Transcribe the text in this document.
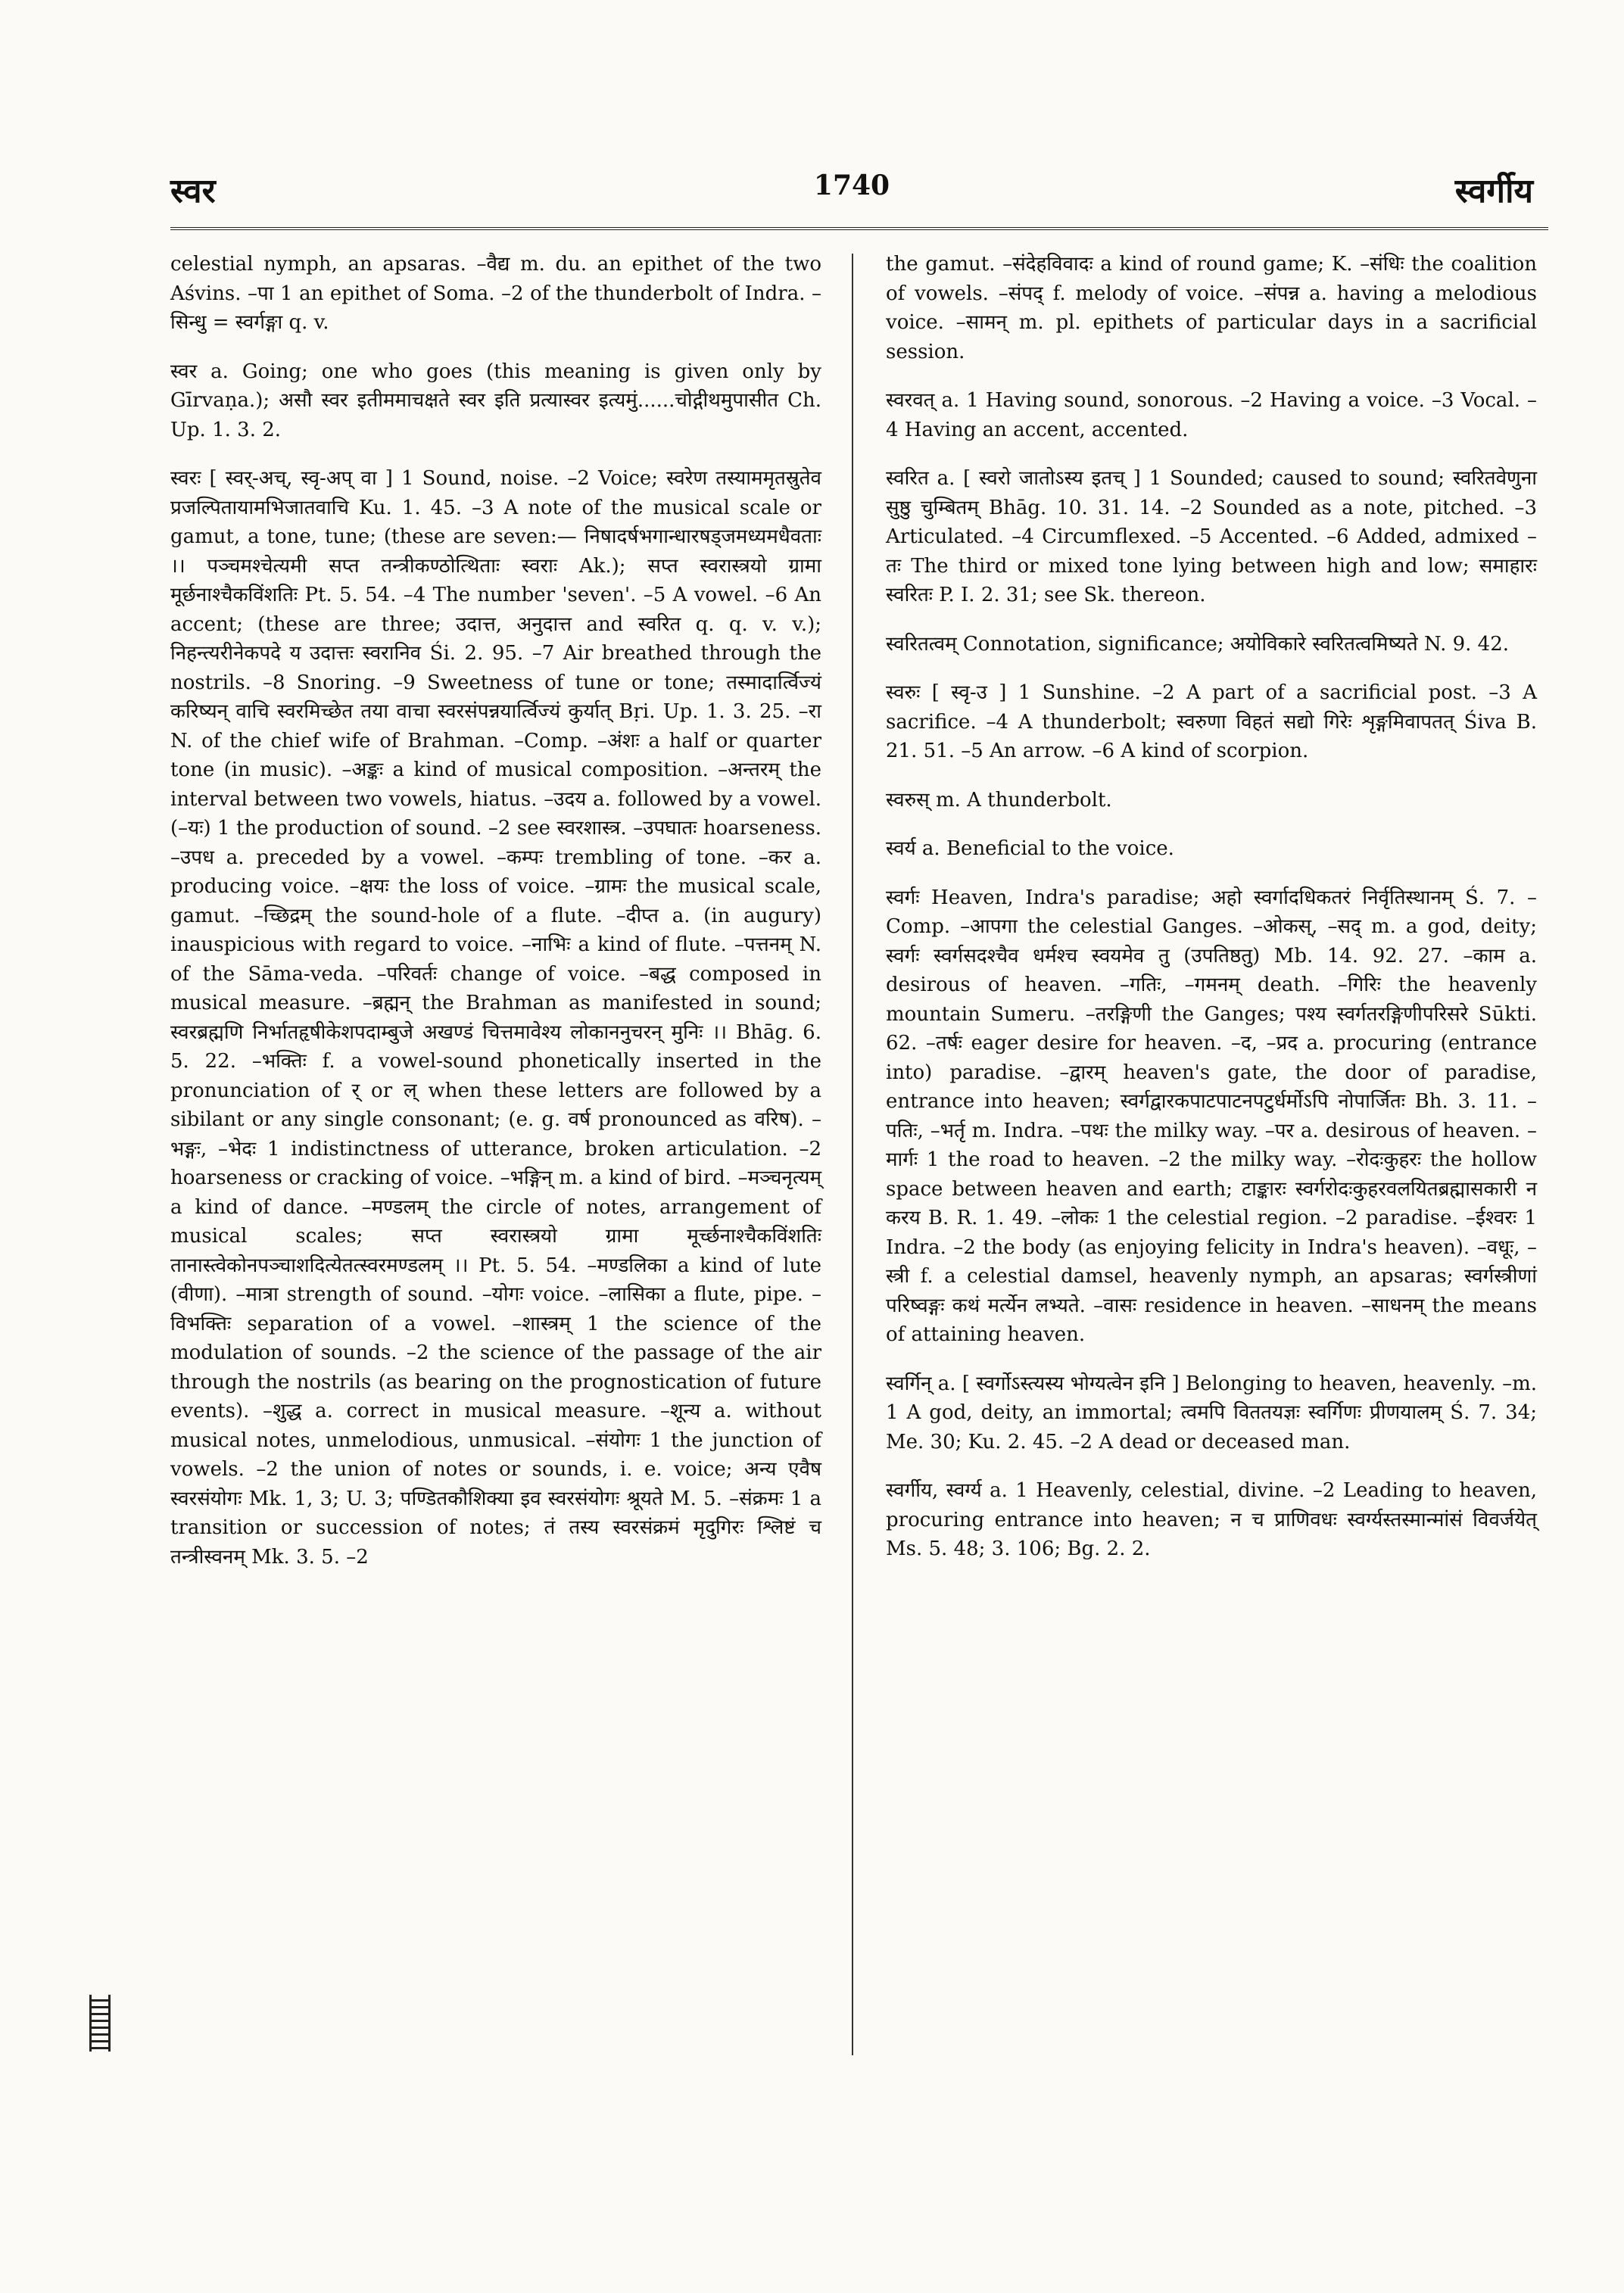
स्वर	1740	स्वर्गीय

celestial nymph, an apsaras. –वैद्य m. du. an epithet of the two Aśvins. –पा 1 an epithet of Soma. –2 of the thunderbolt of Indra. –सिन्धु = स्वर्गङ्गा q. v.

स्वर a. Going; one who goes (this meaning is given only by Gīrvaṇa.); असौ स्वर इतीममाचक्षते स्वर इति प्रत्यास्वर इत्यमुं......चोद्गीथमुपासीत Ch. Up. 1. 3. 2.

स्वरः [ स्वर्-अच्, स्वृ-अप् वा ] 1 Sound, noise. –2 Voice; स्वरेण तस्याममृतस्रुतेव प्रजल्पितायामभिजातवाचि Ku. 1. 45. –3 A note of the musical scale or gamut, a tone, tune; (these are seven:— निषादर्षभगान्धारषड्जमध्यमधैवताः ।। पञ्चमश्चेत्यमी सप्त तन्त्रीकण्ठोत्थिताः स्वराः Ak.); सप्त स्वरास्त्रयो ग्रामा मूर्छनाश्चैकविंशतिः Pt. 5. 54. –4 The number 'seven'. –5 A vowel. –6 An accent; (these are three; उदात्त, अनुदात्त and स्वरित q. q. v. v.); निहन्त्यरीनेकपदे य उदात्तः स्वरानिव Śi. 2. 95. –7 Air breathed through the nostrils. –8 Snoring. –9 Sweetness of tune or tone; तस्मादार्त्विज्यं करिष्यन् वाचि स्वरमिच्छेत तया वाचा स्वरसंपन्नयार्त्विज्यं कुर्यात् Bṛi. Up. 1. 3. 25. –रा N. of the chief wife of Brahman. –Comp. –अंशः a half or quarter tone (in music). –अङ्कः a kind of musical composition. –अन्तरम् the interval between two vowels, hiatus. –उदय a. followed by a vowel. (–यः) 1 the production of sound. –2 see स्वरशास्त्र. –उपघातः hoarseness. –उपध a. preceded by a vowel. –कम्पः trembling of tone. –कर a. producing voice. –क्षयः the loss of voice. –ग्रामः the musical scale, gamut. –च्छिद्रम् the sound-hole of a flute. –दीप्त a. (in augury) inauspicious with regard to voice. –नाभिः a kind of flute. –पत्तनम् N. of the Sāma-veda. –परिवर्तः change of voice. –बद्ध composed in musical measure. –ब्रह्मन् the Brahman as manifested in sound; स्वरब्रह्मणि निर्भातहृषीकेशपदाम्बुजे अखण्डं चित्तमावेश्य लोकाननुचरन् मुनिः ।। Bhāg. 6. 5. 22. –भक्तिः f. a vowel-sound phonetically inserted in the pronunciation of र् or ल् when these letters are followed by a sibilant or any single consonant; (e. g. वर्ष pronounced as वरिष). –भङ्गः, –भेदः 1 indistinctness of utterance, broken articulation. –2 hoarseness or cracking of voice. –भङ्गिन् m. a kind of bird. –मञ्चनृत्यम् a kind of dance. –मण्डलम् the circle of notes, arrangement of musical scales; सप्त स्वरास्त्रयो ग्रामा मूर्च्छनाश्चैकविंशतिः तानास्त्वेकोनपञ्चाशदित्येतत्स्वरमण्डलम् ।। Pt. 5. 54. –मण्डलिका a kind of lute (वीणा). –मात्रा strength of sound. –योगः voice. –लासिका a flute, pipe. –विभक्तिः separation of a vowel. –शास्त्रम् 1 the science of the modulation of sounds. –2 the science of the passage of the air through the nostrils (as bearing on the prognostication of future events). –शुद्ध a. correct in musical measure. –शून्य a. without musical notes, unmelodious, unmusical. –संयोगः 1 the junction of vowels. –2 the union of notes or sounds, i. e. voice; अन्य एवैष स्वरसंयोगः Mk. 1, 3; U. 3; पण्डितकौशिक्या इव स्वरसंयोगः श्रूयते M. 5. –संक्रमः 1 a transition or succession of notes; तं तस्य स्वरसंक्रमं मृदुगिरः श्लिष्टं च तन्त्रीस्वनम् Mk. 3. 5. –2

the gamut. –संदेहविवादः a kind of round game; K. –संधिः the coalition of vowels. –संपद् f. melody of voice. –संपन्न a. having a melodious voice. –सामन् m. pl. epithets of particular days in a sacrificial session.

स्वरवत् a. 1 Having sound, sonorous. –2 Having a voice. –3 Vocal. –4 Having an accent, accented.

स्वरित a. [ स्वरो जातोऽस्य इतच् ] 1 Sounded; caused to sound; स्वरितवेणुना सुष्ठु चुम्बितम् Bhāg. 10. 31. 14. –2 Sounded as a note, pitched. –3 Articulated. –4 Circumflexed. –5 Accented. –6 Added, admixed –तः The third or mixed tone lying between high and low; समाहारः स्वरितः P. I. 2. 31; see Sk. thereon.

स्वरितत्वम् Connotation, significance; अयोविकारे स्वरितत्वमिष्यते N. 9. 42.

स्वरुः [ स्वृ-उ ] 1 Sunshine. –2 A part of a sacrificial post. –3 A sacrifice. –4 A thunderbolt; स्वरुणा विहतं सद्यो गिरेः शृङ्गमिवापतत् Śiva B. 21. 51. –5 An arrow. –6 A kind of scorpion.

स्वरुस् m. A thunderbolt.

स्वर्य a. Beneficial to the voice.

स्वर्गः Heaven, Indra's paradise; अहो स्वर्गादधिकतरं निर्वृतिस्थानम् Ś. 7. –Comp. –आपगा the celestial Ganges. –ओकस्, –सद् m. a god, deity; स्वर्गः स्वर्गसदश्चैव धर्मश्च स्वयमेव तु (उपतिष्ठतु) Mb. 14. 92. 27. –काम a. desirous of heaven. –गतिः, –गमनम् death. –गिरिः the heavenly mountain Sumeru. –तरङ्गिणी the Ganges; पश्य स्वर्गतरङ्गिणीपरिसरे Sūkti. 62. –तर्षः eager desire for heaven. –द, –प्रद a. procuring (entrance into) paradise. –द्वारम् heaven's gate, the door of paradise, entrance into heaven; स्वर्गद्वारकपाटपाटनपटुर्धर्मोऽपि नोपार्जितः Bh. 3. 11. –पतिः, –भर्तृ m. Indra. –पथः the milky way. –पर a. desirous of heaven. –मार्गः 1 the road to heaven. –2 the milky way. –रोदःकुहरः the hollow space between heaven and earth; टाङ्कारः स्वर्गरोदःकुहरवलयितब्रह्मासकारी न करय B. R. 1. 49. –लोकः 1 the celestial region. –2 paradise. –ईश्वरः 1 Indra. –2 the body (as enjoying felicity in Indra's heaven). –वधूः, –स्त्री f. a celestial damsel, heavenly nymph, an apsaras; स्वर्गस्त्रीणां परिष्वङ्गः कथं मर्त्येन लभ्यते. –वासः residence in heaven. –साधनम् the means of attaining heaven.

स्वर्गिन् a. [ स्वर्गोऽस्त्यस्य भोग्यत्वेन इनि ] Belonging to heaven, heavenly. –m. 1 A god, deity, an immortal; त्वमपि विततयज्ञः स्वर्गिणः प्रीणयालम् Ś. 7. 34; Me. 30; Ku. 2. 45. –2 A dead or deceased man.

स्वर्गीय, स्वर्ग्य a. 1 Heavenly, celestial, divine. –2 Leading to heaven, procuring entrance into heaven; न च प्राणिवधः स्वर्ग्यस्तस्मान्मांसं विवर्जयेत् Ms. 5. 48; 3. 106; Bg. 2. 2.
